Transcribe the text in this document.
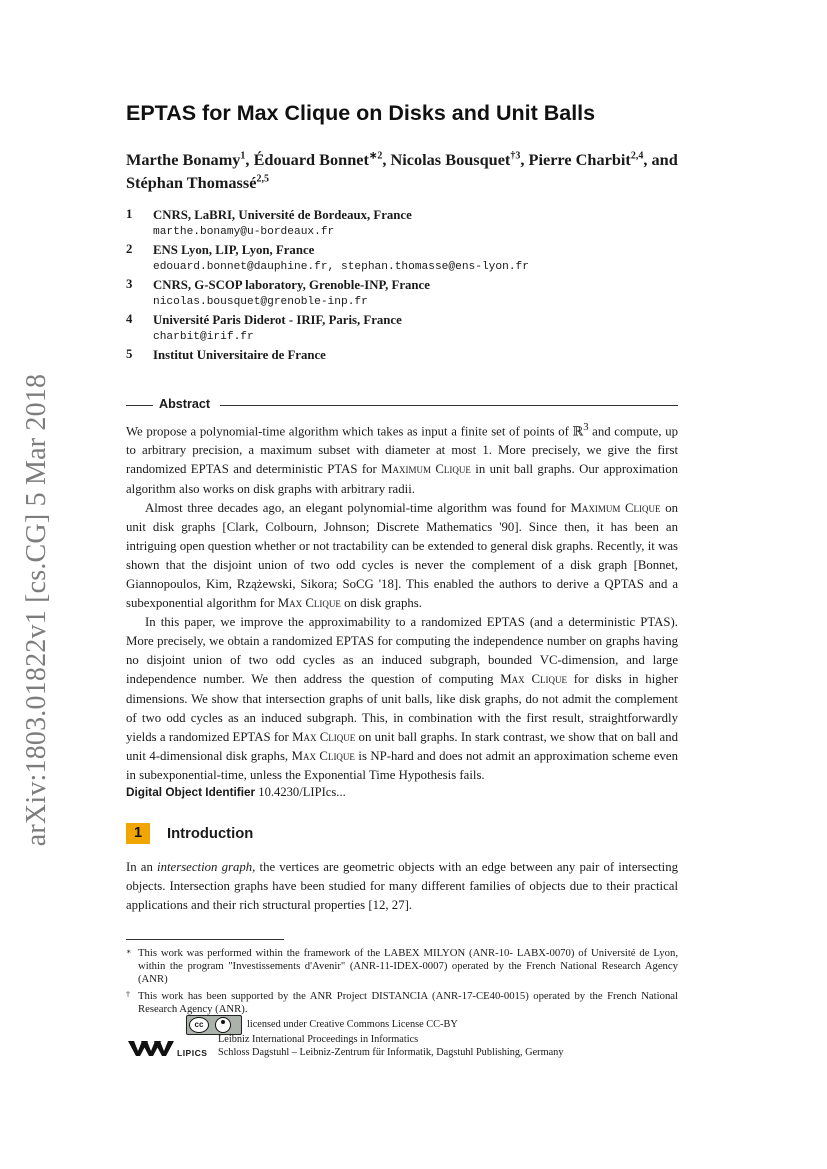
arXiv:1803.01822v1 [cs.CG] 5 Mar 2018
EPTAS for Max Clique on Disks and Unit Balls

Marthe Bonamy$^1$, Édouard Bonnet$^{∗2}$, Nicolas Bousquet$^{\dagger 3}$, Pierre Charbit$^{2,4}$, and Stéphan Thomassé$^{2,5}$

1 CNRS, LaBRI, Université de Bordeaux, France
marthe.bonamy@u-bordeaux.fr
2 ENS Lyon, LIP, Lyon, France
edouard.bonnet@dauphine.fr, stephan.thomasse@ens-lyon.fr
3 CNRS, G-SCOP laboratory, Grenoble-INP, France
nicolas.bousquet@grenoble-inp.fr
4 Université Paris Diderot - IRIF, Paris, France
charbit@irif.fr
5 Institut Universitaire de France
Abstract

We propose a polynomial-time algorithm which takes as input a finite set of points of ℝ$^3$ and compute, up to arbitrary precision, a maximum subset with diameter at most 1. More precisely, we give the first randomized EPTAS and deterministic PTAS for Maximum Clique in unit ball graphs. Our approximation algorithm also works on disk graphs with arbitrary radii.

Almost three decades ago, an elegant polynomial-time algorithm was found for Maximum Clique on unit disk graphs [Clark, Colbourn, Johnson; Discrete Mathematics '90]. Since then, it has been an intriguing open question whether or not tractability can be extended to general disk graphs. Recently, it was shown that the disjoint union of two odd cycles is never the complement of a disk graph [Bonnet, Giannopoulos, Kim, Rzążewski, Sikora; SoCG '18]. This enabled the authors to derive a QPTAS and a subexponential algorithm for Max Clique on disk graphs.

In this paper, we improve the approximability to a randomized EPTAS (and a deterministic PTAS). More precisely, we obtain a randomized EPTAS for computing the independence number on graphs having no disjoint union of two odd cycles as an induced subgraph, bounded VC-dimension, and large independence number. We then address the question of computing Max Clique for disks in higher dimensions. We show that intersection graphs of unit balls, like disk graphs, do not admit the complement of two odd cycles as an induced subgraph. This, in combination with the first result, straightforwardly yields a randomized EPTAS for Max Clique on unit ball graphs. In stark contrast, we show that on ball and unit 4-dimensional disk graphs, Max Clique is NP-hard and does not admit an approximation scheme even in subexponential-time, unless the Exponential Time Hypothesis fails.

Digital Object Identifier 10.4230/LIPIcs...
1	Introduction

In an intersection graph, the vertices are geometric objects with an edge between any pair of intersecting objects. Intersection graphs have been studied for many different families of objects due to their practical applications and their rich structural properties [12, 27].

∗ This work was performed within the framework of the LABEX MILYON (ANR-10- LABX-0070) of Université de Lyon, within the program "Investissements d'Avenir" (ANR-11-IDEX-0007) operated by the French National Research Agency (ANR)

† This work has been supported by the ANR Project DISTANCIA (ANR-17-CE40-0015) operated by the French National Research Agency (ANR).

cc	licensed under Creative Commons License CC-BY
LIPICS
Leibniz International Proceedings in Informatics
Schloss Dagstuhl – Leibniz-Zentrum für Informatik, Dagstuhl Publishing, Germany
